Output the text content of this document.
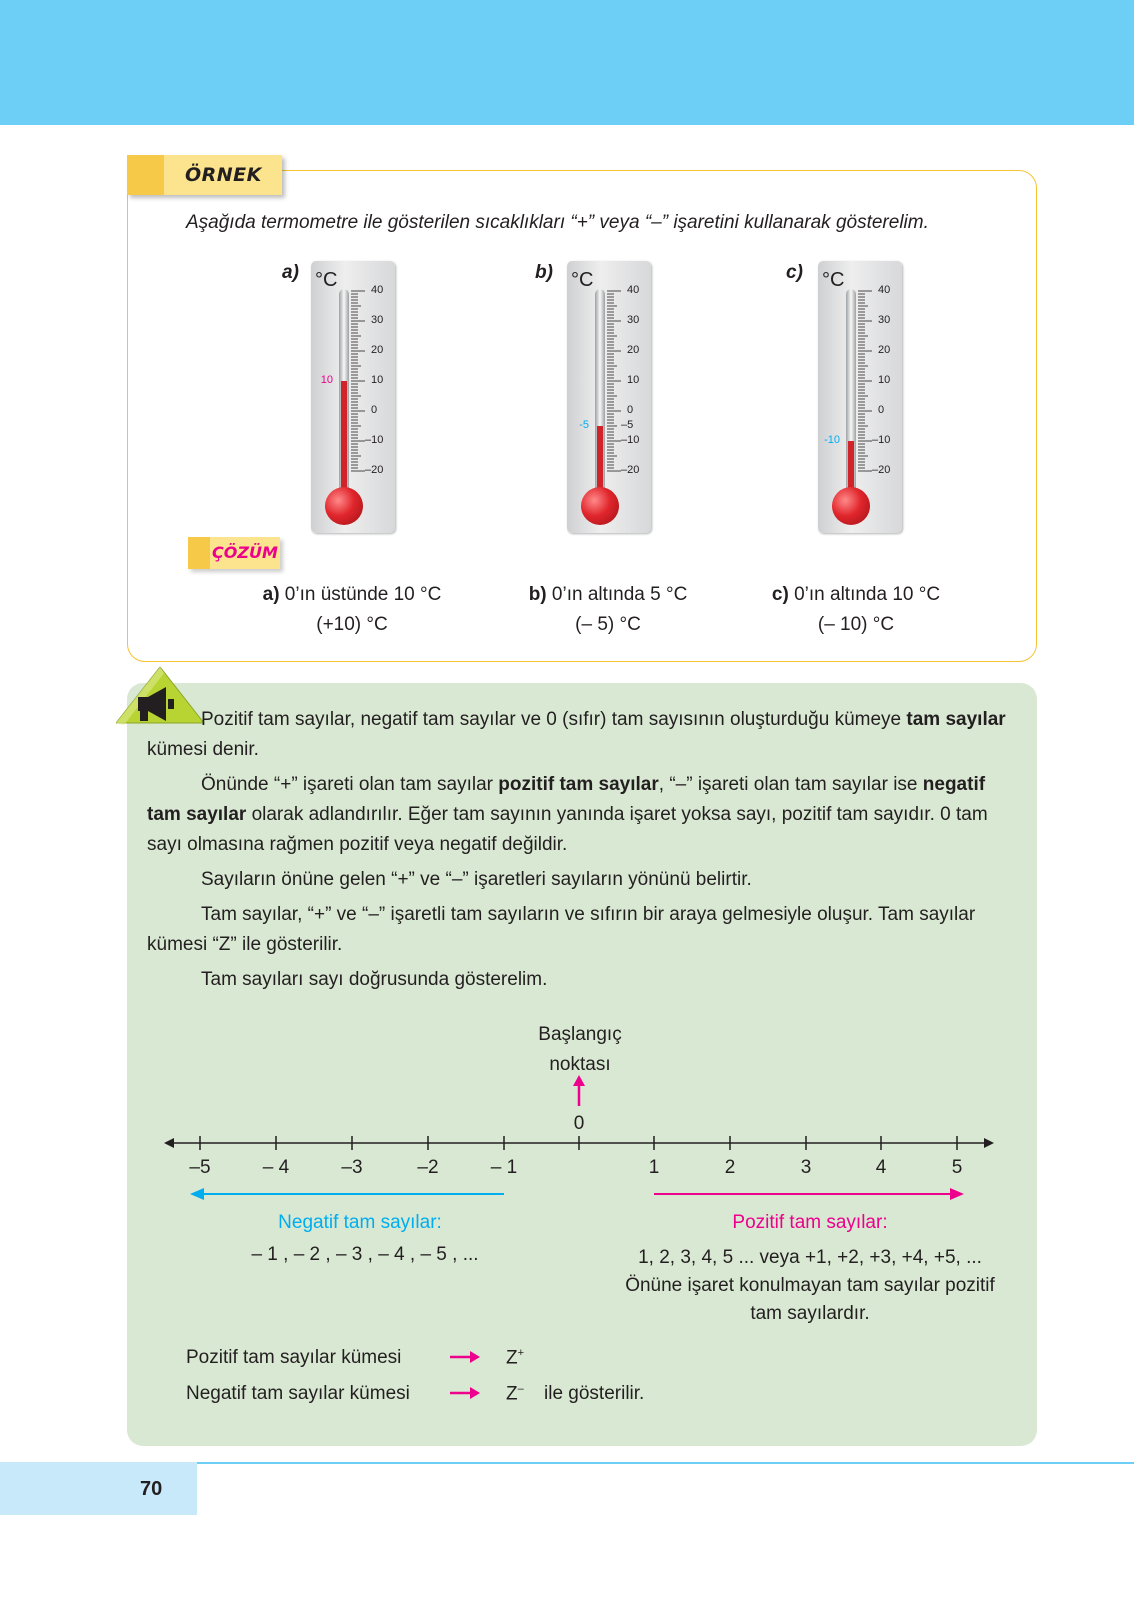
ÖRNEK
Aşağıda termometre ile gösterilen sıcaklıkları “+” veya “–” işaretini kullanarak gösterelim.
a)	b)	c)
°C	40
30
20
10
0
–10
–20
10
°C	40
30
20
10
0
–10
–20
–5
-5
°C	40
30
20
10
0
–10
–20
-10
ÇÖZÜM
a) 0’ın üstünde 10 °C
(+10) °C
b) 0’ın altında 5 °C
(– 5) °C
c) 0’ın altında 10 °C
(– 10) °C
Pozitif tam sayılar, negatif tam sayılar ve 0 (sıfır) tam sayısının oluşturduğu kümeye tam sayılar
kümesi denir.
Önünde “+” işareti olan tam sayılar pozitif tam sayılar, “–” işareti olan tam sayılar ise negatif
tam sayılar olarak adlandırılır. Eğer tam sayının yanında işaret yoksa sayı, pozitif tam sayıdır. 0 tam
sayı olmasına rağmen pozitif veya negatif değildir.
Sayıların önüne gelen “+” ve “–” işaretleri sayıların yönünü belirtir.
Tam sayılar, “+” ve “–” işaretli tam sayıların ve sıfırın bir araya gelmesiyle oluşur. Tam sayılar
kümesi “Z” ile gösterilir.
Tam sayıları sayı doğrusunda gösterelim.
Başlangıç
noktası
0
–5	– 4	–3	–2	– 1	1	2	3	4	5
Negatif tam sayılar:
– 1 , – 2 , – 3 , – 4 , – 5 , ...
Pozitif tam sayılar:
1, 2, 3, 4, 5 ... veya +1, +2, +3, +4, +5, ...
Önüne işaret konulmayan tam sayılar pozitif
tam sayılardır.
Pozitif tam sayılar kümesi	Z+
Negatif tam sayılar kümesi	Z– ile gösterilir.
70
